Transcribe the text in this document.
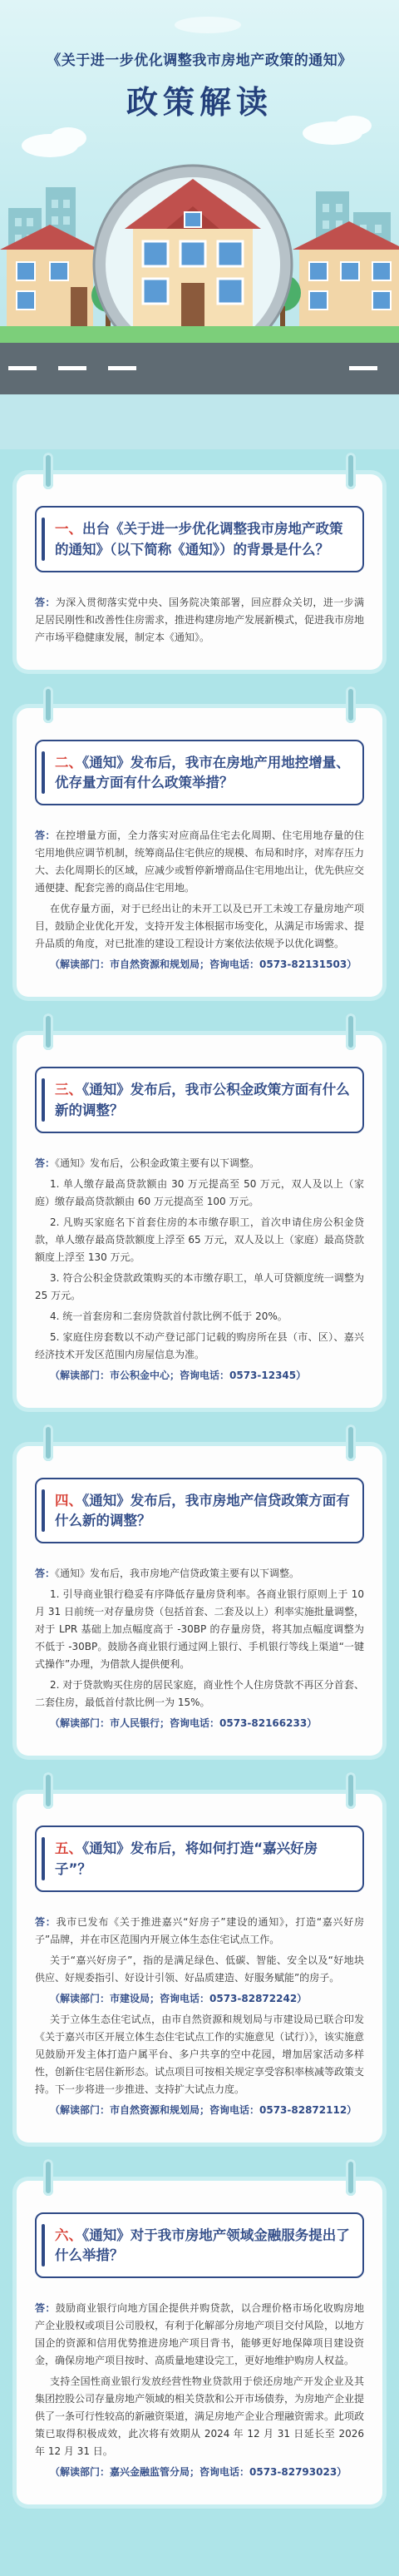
《关于进一步优化调整我市房地产政策的通知》
政策解读
一、出台《关于进一步优化调整我市房地产政策的通知》（以下简称《通知》）的背景是什么？

答：为深入贯彻落实党中央、国务院决策部署，回应群众关切，进一步满足居民刚性和改善性住房需求，推进构建房地产发展新模式，促进我市房地产市场平稳健康发展，制定本《通知》。

二、《通知》发布后，我市在房地产用地控增量、优存量方面有什么政策举措？

答：在控增量方面，全力落实对应商品住宅去化周期、住宅用地存量的住宅用地供应调节机制，统筹商品住宅供应的规模、布局和时序，对库存压力大、去化周期长的区域，应减少或暂停新增商品住宅用地出让，优先供应交通便捷、配套完善的商品住宅用地。

在优存量方面，对于已经出让的未开工以及已开工未竣工存量房地产项目，鼓励企业优化开发，支持开发主体根据市场变化，从满足市场需求、提升品质的角度，对已批准的建设工程设计方案依法依规予以优化调整。

（解读部门：市自然资源和规划局；咨询电话：0573-82131503）

三、《通知》发布后，我市公积金政策方面有什么新的调整？

答：《通知》发布后，公积金政策主要有以下调整。

1. 单人缴存最高贷款额由 30 万元提高至 50 万元，双人及以上（家庭）缴存最高贷款额由 60 万元提高至 100 万元。

2. 凡购买家庭名下首套住房的本市缴存职工，首次申请住房公积金贷款，单人缴存最高贷款额度上浮至 65 万元，双人及以上（家庭）最高贷款额度上浮至 130 万元。

3. 符合公积金贷款政策购买的本市缴存职工，单人可贷额度统一调整为 25 万元。

4. 统一首套房和二套房贷款首付款比例不低于 20%。

5. 家庭住房套数以不动产登记部门记载的购房所在县（市、区）、嘉兴经济技术开发区范围内房屋信息为准。

（解读部门：市公积金中心；咨询电话：0573-12345）

四、《通知》发布后，我市房地产信贷政策方面有什么新的调整？

答：《通知》发布后，我市房地产信贷政策主要有以下调整。

1. 引导商业银行稳妥有序降低存量房贷利率。各商业银行原则上于 10 月 31 日前统一对存量房贷（包括首套、二套及以上）利率实施批量调整，对于 LPR 基础上加点幅度高于 -30BP 的存量房贷，将其加点幅度调整为不低于 -30BP。鼓励各商业银行通过网上银行、手机银行等线上渠道“一键式操作”办理，为借款人提供便利。

2. 对于贷款购买住房的居民家庭，商业性个人住房贷款不再区分首套、二套住房，最低首付款比例一为 15%。

（解读部门：市人民银行；咨询电话：0573-82166233）

五、《通知》发布后，将如何打造“嘉兴好房子”？

答：我市已发布《关于推进嘉兴“好房子”建设的通知》，打造“嘉兴好房子”品牌，并在市区范围内开展立体生态住宅试点工作。

关于“嘉兴好房子”，指的是满足绿色、低碳、智能、安全以及“好地块供应、好规委指引、好设计引领、好品质建造、好服务赋能”的房子。

（解读部门：市建设局；咨询电话：0573-82872242）

关于立体生态住宅试点，由市自然资源和规划局与市建设局已联合印发《关于嘉兴市区开展立体生态住宅试点工作的实施意见（试行）》，该实施意见鼓励开发主体打造户属平台、多户共享的空中花园，增加居家活动多样性，创新住宅居住新形态。试点项目可按相关规定享受容积率核减等政策支持。下一步将进一步推进、支持扩大试点力度。

（解读部门：市自然资源和规划局；咨询电话：0573-82872112）

六、《通知》对于我市房地产领域金融服务提出了什么举措？

答：鼓励商业银行向地方国企提供并购贷款，以合理价格市场化收购房地产企业股权或项目公司股权，有利于化解部分房地产项目交付风险，以地方国企的资源和信用优势推进房地产项目背书，能够更好地保障项目建设资金，确保房地产项目按时、高质量地建设完工，更好地维护购房人权益。

支持全国性商业银行发放经营性物业贷款用于偿还房地产开发企业及其集团控股公司存量房地产领域的相关贷款和公开市场债券，为房地产企业提供了一条可行性较高的新融资渠道，满足房地产企业合理融资需求。此项政策已取得积极成效，此次将有效期从 2024 年 12 月 31 日延长至 2026 年 12 月 31 日。

（解读部门：嘉兴金融监管分局；咨询电话：0573-82793023）
